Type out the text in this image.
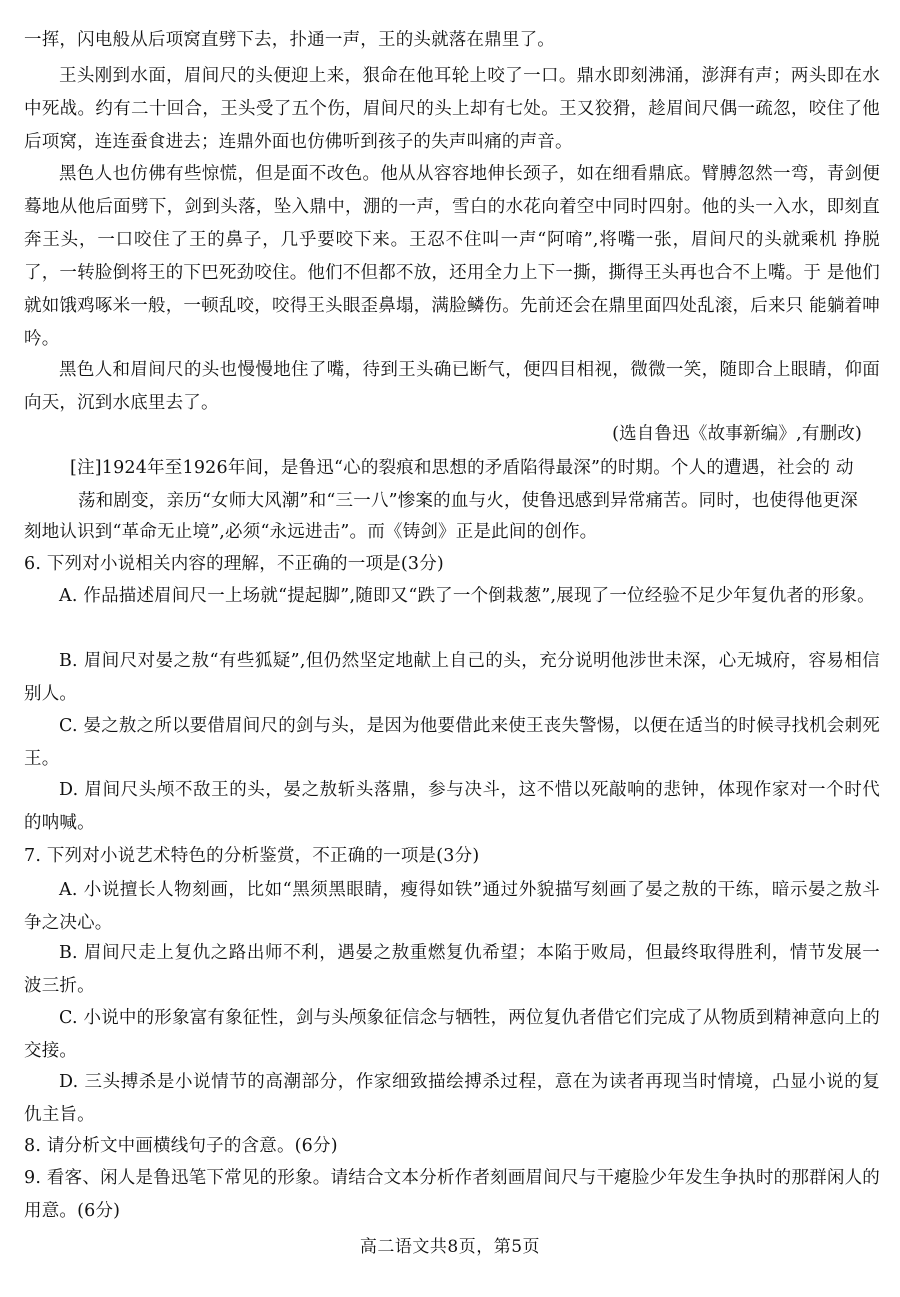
一挥，闪电般从后项窝直劈下去，扑通一声，王的头就落在鼎里了。
王头刚到水面，眉间尺的头便迎上来，狠命在他耳轮上咬了一口。鼎水即刻沸涌，澎湃有声；两头即在水中死战。约有二十回合，王头受了五个伤，眉间尺的头上却有七处。王又狡猾，趁眉间尺偶一疏忽，咬住了他后项窝，连连蚕食进去；连鼎外面也仿佛听到孩子的失声叫痛的声音。
黑色人也仿佛有些惊慌，但是面不改色。他从从容容地伸长颈子，如在细看鼎底。臂膊忽然一弯，青剑便蓦地从他后面劈下，剑到头落，坠入鼎中，淜的一声，雪白的水花向着空中同时四射。他的头一入水，即刻直奔王头，一口咬住了王的鼻子，几乎要咬下来。王忍不住叫一声“阿唷”,将嘴一张，眉间尺的头就乘机 挣脱了，一转脸倒将王的下巴死劲咬住。他们不但都不放，还用全力上下一撕，撕得王头再也合不上嘴。于 是他们就如饿鸡啄米一般，一顿乱咬，咬得王头眼歪鼻塌，满脸鳞伤。先前还会在鼎里面四处乱滚，后来只 能躺着呻吟。
黑色人和眉间尺的头也慢慢地住了嘴，待到王头确已断气，便四目相视，微微一笑，随即合上眼睛，仰面向天，沉到水底里去了。
(选自鲁迅《故事新编》,有删改)
[注]1924年至1926年间，是鲁迅“心的裂痕和思想的矛盾陷得最深”的时期。个人的遭遇，社会的 动
荡和剧变，亲历“女师大风潮”和“三一八”惨案的血与火，使鲁迅感到异常痛苦。同时，也使得他更深
刻地认识到“革命无止境”,必须“永远进击”。而《铸剑》正是此间的创作。
6. 下列对小说相关内容的理解，不正确的一项是(3分)
A. 作品描述眉间尺一上场就“提起脚”,随即又“跌了一个倒栽葱”,展现了一位经验不足少年复仇者的形象。
B. 眉间尺对晏之敖“有些狐疑”,但仍然坚定地献上自己的头，充分说明他涉世未深，心无城府，容易相信别人。
C. 晏之敖之所以要借眉间尺的剑与头，是因为他要借此来使王丧失警惕，以便在适当的时候寻找机会刺死王。
D. 眉间尺头颅不敌王的头，晏之敖斩头落鼎，参与决斗，这不惜以死敲响的悲钟，体现作家对一个时代的呐喊。
7. 下列对小说艺术特色的分析鉴赏，不正确的一项是(3分)
A. 小说擅长人物刻画，比如“黑须黑眼睛，瘦得如铁”通过外貌描写刻画了晏之敖的干练，暗示晏之敖斗争之决心。
B. 眉间尺走上复仇之路出师不利，遇晏之敖重燃复仇希望；本陷于败局，但最终取得胜利，情节发展一波三折。
C. 小说中的形象富有象征性，剑与头颅象征信念与牺牲，两位复仇者借它们完成了从物质到精神意向上的交接。
D. 三头搏杀是小说情节的高潮部分，作家细致描绘搏杀过程，意在为读者再现当时情境，凸显小说的复仇主旨。
8. 请分析文中画横线句子的含意。(6分)
9. 看客、闲人是鲁迅笔下常见的形象。请结合文本分析作者刻画眉间尺与干瘪脸少年发生争执时的那群闲人的用意。(6分)
高二语文共8页，第5页
